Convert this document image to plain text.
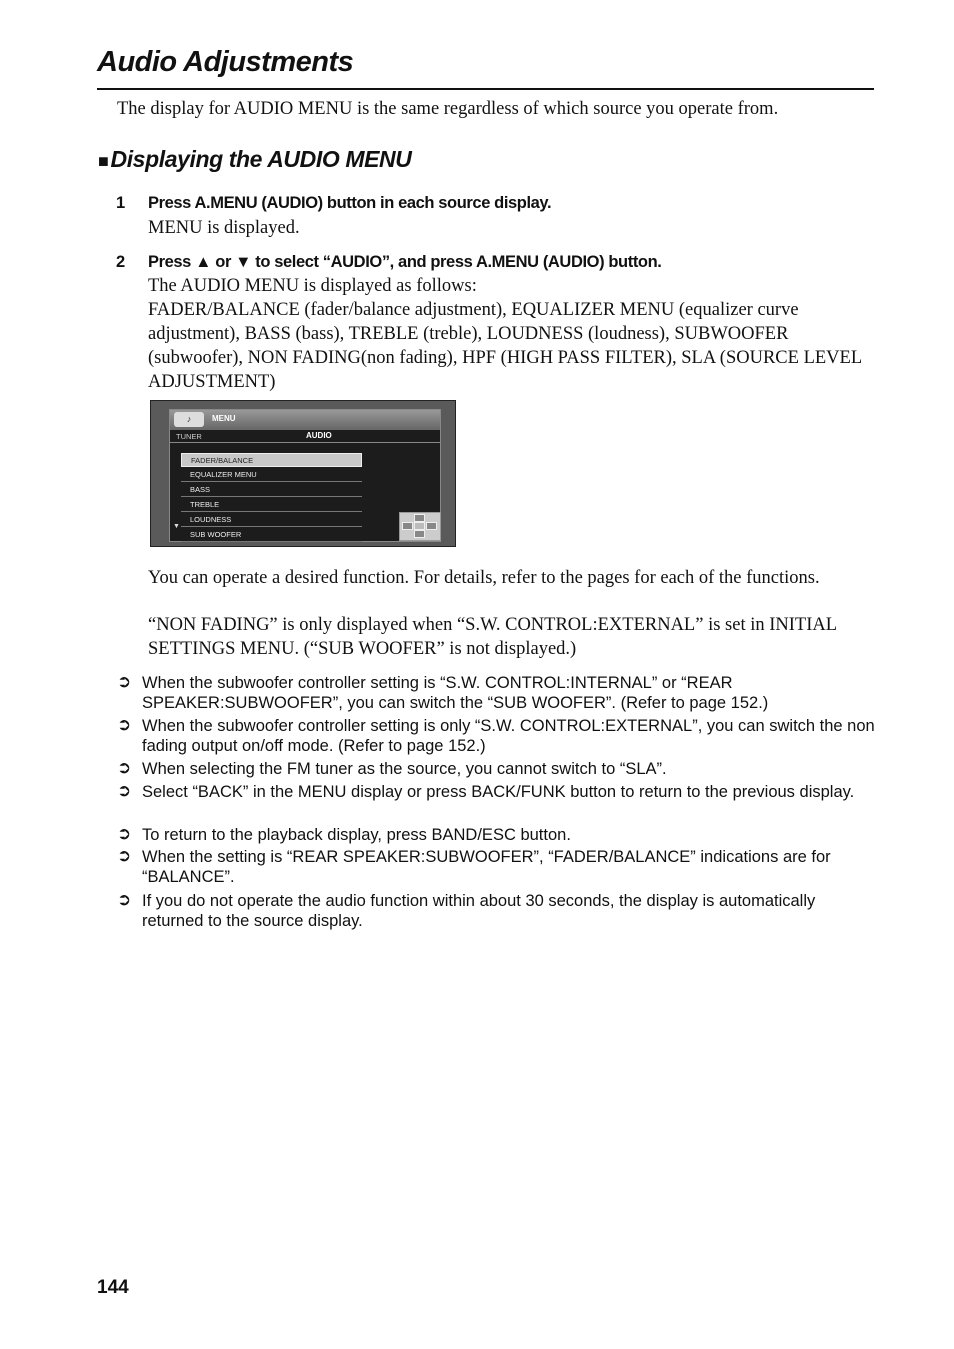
Audio Adjustments
The display for AUDIO MENU is the same regardless of which source you operate from.
■Displaying the AUDIO MENU
1 Press A.MENU (AUDIO) button in each source display.
MENU is displayed.
2 Press ▲ or ▼ to select “AUDIO”, and press A.MENU (AUDIO) button.
The AUDIO MENU is displayed as follows:
FADER/BALANCE (fader/balance adjustment), EQUALIZER MENU (equalizer curve adjustment), BASS (bass), TREBLE (treble), LOUDNESS (loudness), SUBWOOFER (subwoofer), NON FADING(non fading), HPF (HIGH PASS FILTER), SLA (SOURCE LEVEL ADJUSTMENT)
♪	MENU
TUNER	AUDIO
FADER/BALANCE
EQUALIZER MENU
BASS
TREBLE
LOUDNESS
SUB WOOFER
▼
You can operate a desired function. For details, refer to the pages for each of the functions.
“NON FADING” is only displayed when “S.W. CONTROL:EXTERNAL” is set in INITIAL SETTINGS MENU. (“SUB WOOFER” is not displayed.)
➲ When the subwoofer controller setting is “S.W. CONTROL:INTERNAL” or “REAR SPEAKER:SUBWOOFER”, you can switch the “SUB WOOFER”. (Refer to page 152.)
➲ When the subwoofer controller setting is only “S.W. CONTROL:EXTERNAL”, you can switch the non fading output on/off mode. (Refer to page 152.)
➲ When selecting the FM tuner as the source, you cannot switch to “SLA”.
➲ Select “BACK” in the MENU display or press BACK/FUNK button to return to the previous display.
➲ To return to the playback display, press BAND/ESC button.
➲ When the setting is “REAR SPEAKER:SUBWOOFER”, “FADER/BALANCE” indications are for “BALANCE”.
➲ If you do not operate the audio function within about 30 seconds, the display is automatically returned to the source display.
144
